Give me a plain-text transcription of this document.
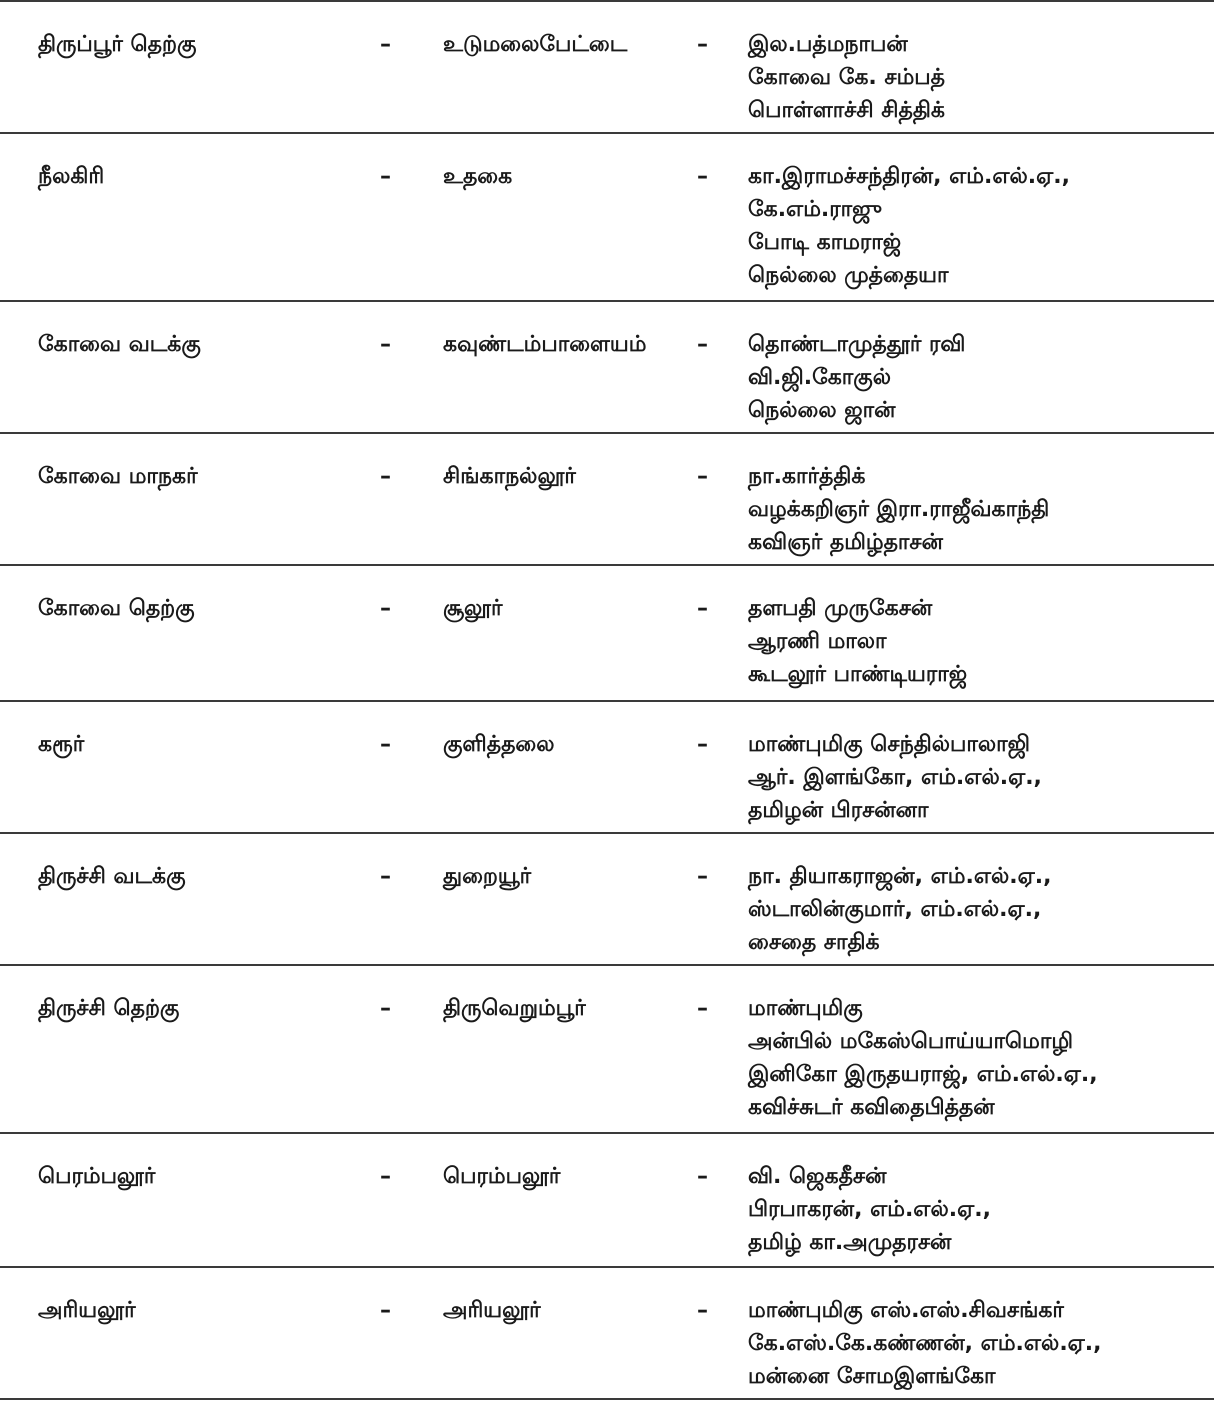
திருப்பூர் தெற்கு	– உடுமலைபேட்டை	– இல.பத்மநாபன்
கோவை கே. சம்பத்
பொள்ளாச்சி சித்திக்
நீலகிரி	– உதகை	– கா.இராமச்சந்திரன், எம்.எல்.ஏ.,
கே.எம்.ராஜு
போடி காமராஜ்
நெல்லை முத்தையா
கோவை வடக்கு	– கவுண்டம்பாளையம் – தொண்டாமுத்தூர் ரவி
வி.ஜி.கோகுல்
நெல்லை ஜான்
கோவை மாநகர்	– சிங்காநல்லூர்	– நா.கார்த்திக்
வழக்கறிஞர் இரா.ராஜீவ்காந்தி
கவிஞர் தமிழ்தாசன்
கோவை தெற்கு	– சூலூர்	– தளபதி முருகேசன்
ஆரணி மாலா
கூடலூர் பாண்டியராஜ்
கரூர்	– குளித்தலை	– மாண்புமிகு செந்தில்பாலாஜி
ஆர். இளங்கோ, எம்.எல்.ஏ.,
தமிழன் பிரசன்னா
திருச்சி வடக்கு	– துறையூர்	– நா. தியாகராஜன், எம்.எல்.ஏ.,
ஸ்டாலின்குமார், எம்.எல்.ஏ.,
சைதை சாதிக்
திருச்சி தெற்கு	– திருவெறும்பூர்	– மாண்புமிகு
அன்பில் மகேஸ்பொய்யாமொழி
இனிகோ இருதயராஜ், எம்.எல்.ஏ.,
கவிச்சுடர் கவிதைபித்தன்
பெரம்பலூர்	– பெரம்பலூர்	– வி. ஜெகதீசன்
பிரபாகரன், எம்.எல்.ஏ.,
தமிழ் கா.அமுதரசன்
அரியலூர்	– அரியலூர்	– மாண்புமிகு எஸ்.எஸ்.சிவசங்கர்
கே.எஸ்.கே.கண்ணன், எம்.எல்.ஏ.,
மன்னை சோமஇளங்கோ
